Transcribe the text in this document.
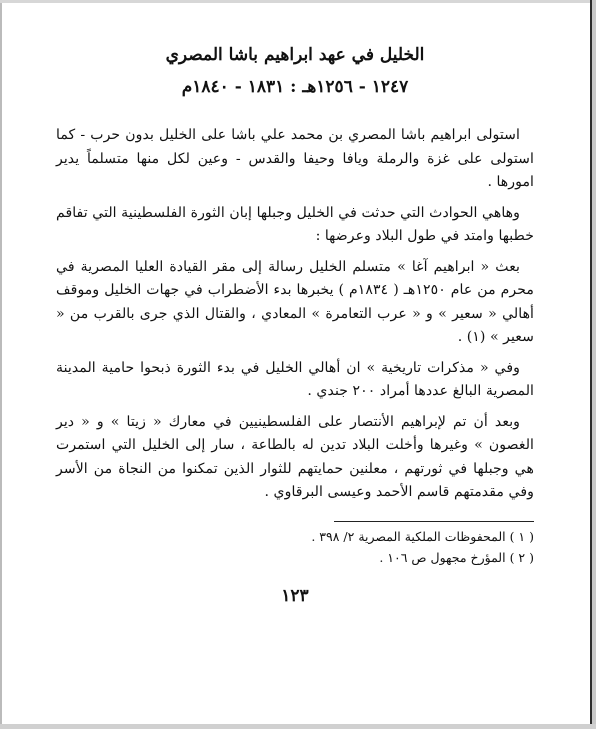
الخليل في عهد ابراهيم باشا المصري
١٢٤٧ - ١٢٥٦هـ : ١٨٣١ - ١٨٤٠م

استولى ابراهيم باشا المصري بن محمد علي باشا على الخليل بدون حرب - كما استولى على غزة والرملة ويافا وحيفا والقدس - وعين لكل منها متسلماً يدير امورها .

وهاهي الحوادث التي حدثت في الخليل وجبلها إبان الثورة الفلسطينية التي تفاقم خطبها وامتد في طول البلاد وعرضها :

بعث « ابراهيم آغا » متسلم الخليل رسالة إلى مقر القيادة العليا المصرية في محرم من عام ١٢٥٠هـ ( ١٨٣٤م ) يخبرها بدء الأضطراب في جهات الخليل وموقف أهالي « سعير » و « عرب التعامرة » المعادي ، والقتال الذي جرى بالقرب من « سعير » (١) .

وفي « مذكرات تاريخية » ان أهالي الخليل في بدء الثورة ذبحوا حامية المدينة المصرية البالغ عددها أمراد ٢٠٠ جندي .

وبعد أن تم لإبراهيم الأنتصار على الفلسطينيين في معارك « زيتا » و « دير الغصون » وغيرها وأخلت البلاد تدين له بالطاعة ، سار إلى الخليل التي استمرت هي وجبلها في ثورتهم ، معلنين حمايتهم للثوار الذين تمكنوا من النجاة من الأسر وفي مقدمتهم قاسم الأحمد وعيسى البرقاوي .

( ١ ) المحفوظات الملكية المصرية ٢/ ٣٩٨ .

( ٢ ) المؤرخ مجهول ص ١٠٦ .

١٢٣
